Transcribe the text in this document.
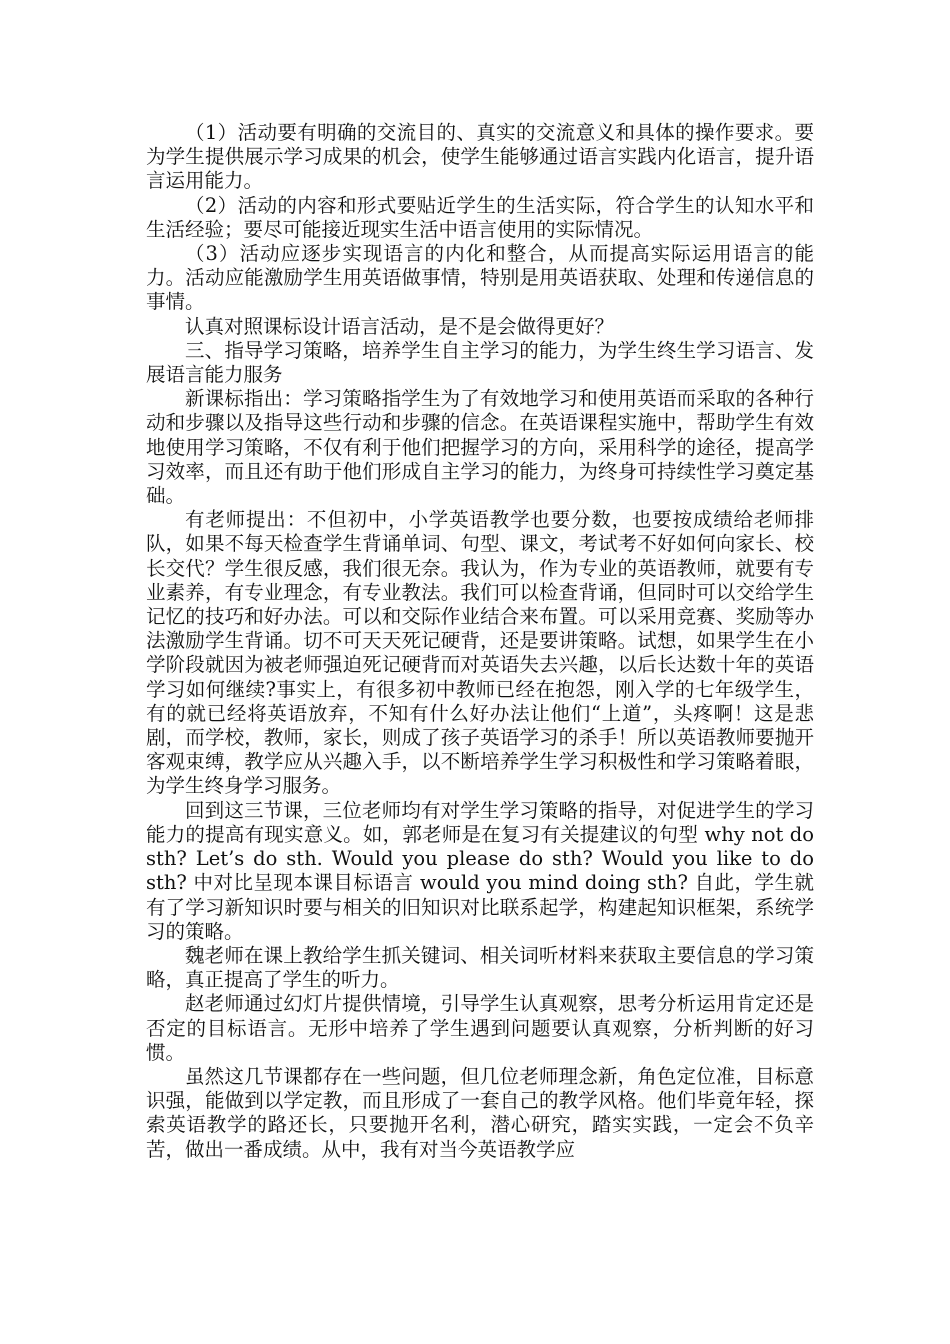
（1）活动要有明确的交流目的、真实的交流意义和具体的操作要求。要为学生提供展示学习成果的机会，使学生能够通过语言实践内化语言，提升语言运用能力。

（2）活动的内容和形式要贴近学生的生活实际，符合学生的认知水平和生活经验；要尽可能接近现实生活中语言使用的实际情况。

（3）活动应逐步实现语言的内化和整合，从而提高实际运用语言的能力。活动应能激励学生用英语做事情，特别是用英语获取、处理和传递信息的事情。

认真对照课标设计语言活动，是不是会做得更好？

三、指导学习策略，培养学生自主学习的能力，为学生终生学习语言、发展语言能力服务

新课标指出：学习策略指学生为了有效地学习和使用英语而采取的各种行动和步骤以及指导这些行动和步骤的信念。在英语课程实施中，帮助学生有效地使用学习策略，不仅有利于他们把握学习的方向，采用科学的途径，提高学习效率，而且还有助于他们形成自主学习的能力，为终身可持续性学习奠定基础。

有老师提出：不但初中，小学英语教学也要分数，也要按成绩给老师排队，如果不每天检查学生背诵单词、句型、课文，考试考不好如何向家长、校长交代？学生很反感，我们很无奈。我认为，作为专业的英语教师，就要有专业素养，有专业理念，有专业教法。我们可以检查背诵，但同时可以交给学生记忆的技巧和好办法。可以和交际作业结合来布置。可以采用竞赛、奖励等办法激励学生背诵。切不可天天死记硬背，还是要讲策略。试想，如果学生在小学阶段就因为被老师强迫死记硬背而对英语失去兴趣，以后长达数十年的英语学习如何继续?事实上，有很多初中教师已经在抱怨，刚入学的七年级学生，有的就已经将英语放弃，不知有什么好办法让他们“上道”，头疼啊！这是悲剧，而学校，教师，家长，则成了孩子英语学习的杀手！所以英语教师要抛开客观束缚，教学应从兴趣入手，以不断培养学生学习积极性和学习策略着眼，为学生终身学习服务。

回到这三节课，三位老师均有对学生学习策略的指导，对促进学生的学习能力的提高有现实意义。如，郭老师是在复习有关提建议的句型 why not do sth? Let’s do sth. Would you please do sth? Would you like to do sth? 中对比呈现本课目标语言 would you mind doing sth? 自此，学生就有了学习新知识时要与相关的旧知识对比联系起学，构建起知识框架，系统学习的策略。

魏老师在课上教给学生抓关键词、相关词听材料来获取主要信息的学习策略，真正提高了学生的听力。

赵老师通过幻灯片提供情境，引导学生认真观察，思考分析运用肯定还是否定的目标语言。无形中培养了学生遇到问题要认真观察，分析判断的好习惯。

虽然这几节课都存在一些问题，但几位老师理念新，角色定位准，目标意识强，能做到以学定教，而且形成了一套自己的教学风格。他们毕竟年轻，探索英语教学的路还长，只要抛开名利，潜心研究，踏实实践，一定会不负辛苦，做出一番成绩。从中，我有对当今英语教学应
